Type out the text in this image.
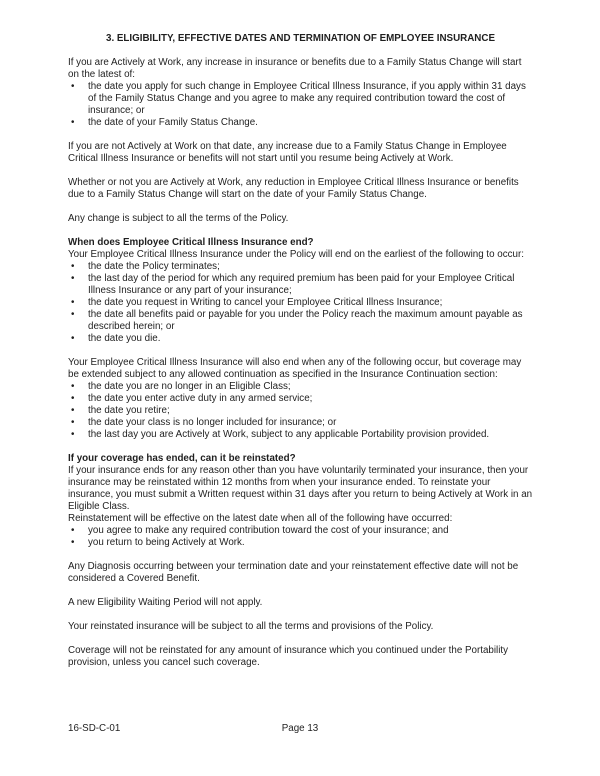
3. ELIGIBILITY, EFFECTIVE DATES AND TERMINATION OF EMPLOYEE INSURANCE

If you are Actively at Work, any increase in insurance or benefits due to a Family Status Change will start on the latest of:

• the date you apply for such change in Employee Critical Illness Insurance, if you apply within 31 days of the Family Status Change and you agree to make any required contribution toward the cost of insurance; or
• the date of your Family Status Change.

If you are not Actively at Work on that date, any increase due to a Family Status Change in Employee Critical Illness Insurance or benefits will not start until you resume being Actively at Work.

Whether or not you are Actively at Work, any reduction in Employee Critical Illness Insurance or benefits due to a Family Status Change will start on the date of your Family Status Change.

Any change is subject to all the terms of the Policy.

When does Employee Critical Illness Insurance end?

Your Employee Critical Illness Insurance under the Policy will end on the earliest of the following to occur:

• the date the Policy terminates;
• the last day of the period for which any required premium has been paid for your Employee Critical Illness Insurance or any part of your insurance;
• the date you request in Writing to cancel your Employee Critical Illness Insurance;
• the date all benefits paid or payable for you under the Policy reach the maximum amount payable as described herein; or
• the date you die.

Your Employee Critical Illness Insurance will also end when any of the following occur, but coverage may be extended subject to any allowed continuation as specified in the Insurance Continuation section:

• the date you are no longer in an Eligible Class;
• the date you enter active duty in any armed service;
• the date you retire;
• the date your class is no longer included for insurance; or
• the last day you are Actively at Work, subject to any applicable Portability provision provided.

If your coverage has ended, can it be reinstated?

If your insurance ends for any reason other than you have voluntarily terminated your insurance, then your insurance may be reinstated within 12 months from when your insurance ended. To reinstate your insurance, you must submit a Written request within 31 days after you return to being Actively at Work in an Eligible Class.

Reinstatement will be effective on the latest date when all of the following have occurred:

• you agree to make any required contribution toward the cost of your insurance; and
• you return to being Actively at Work.

Any Diagnosis occurring between your termination date and your reinstatement effective date will not be considered a Covered Benefit.

A new Eligibility Waiting Period will not apply.

Your reinstated insurance will be subject to all the terms and provisions of the Policy.

Coverage will not be reinstated for any amount of insurance which you continued under the Portability provision, unless you cancel such coverage.

16-SD-C-01	Page 13
